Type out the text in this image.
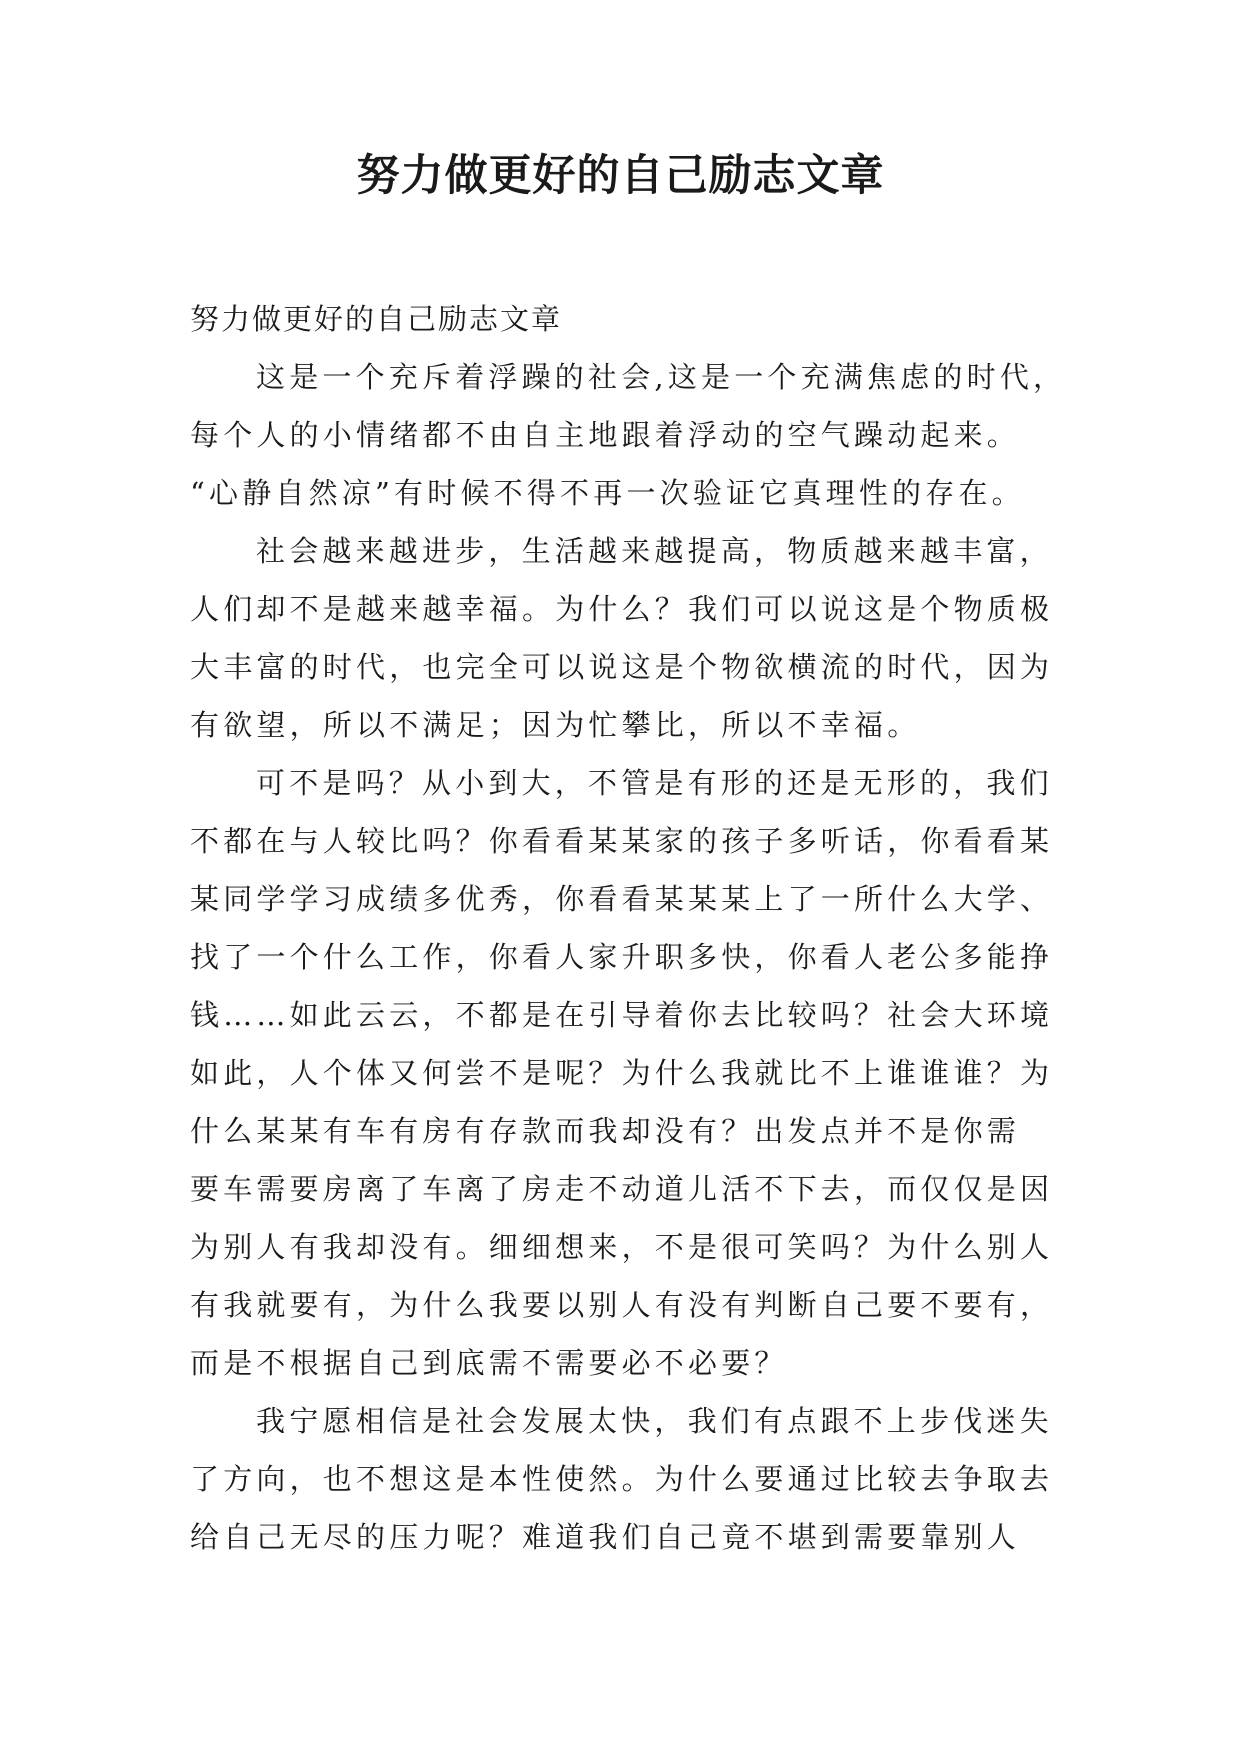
努力做更好的自己励志文章
努力做更好的自己励志文章
这是一个充斥着浮躁的社会,这是一个充满焦虑的时代，
每个人的小情绪都不由自主地跟着浮动的空气躁动起来。
“心静自然凉”有时候不得不再一次验证它真理性的存在。
社会越来越进步，生活越来越提高，物质越来越丰富，
人们却不是越来越幸福。为什么？我们可以说这是个物质极
大丰富的时代，也完全可以说这是个物欲横流的时代，因为
有欲望，所以不满足；因为忙攀比，所以不幸福。
可不是吗？从小到大，不管是有形的还是无形的，我们
不都在与人较比吗？你看看某某家的孩子多听话，你看看某
某同学学习成绩多优秀，你看看某某某上了一所什么大学、
找了一个什么工作，你看人家升职多快，你看人老公多能挣
钱……如此云云，不都是在引导着你去比较吗？社会大环境
如此，人个体又何尝不是呢？为什么我就比不上谁谁谁？为
什么某某有车有房有存款而我却没有？出发点并不是你需
要车需要房离了车离了房走不动道儿活不下去，而仅仅是因
为别人有我却没有。细细想来，不是很可笑吗？为什么别人
有我就要有，为什么我要以别人有没有判断自己要不要有，
而是不根据自己到底需不需要必不必要？
我宁愿相信是社会发展太快，我们有点跟不上步伐迷失
了方向，也不想这是本性使然。为什么要通过比较去争取去
给自己无尽的压力呢？难道我们自己竟不堪到需要靠别人
